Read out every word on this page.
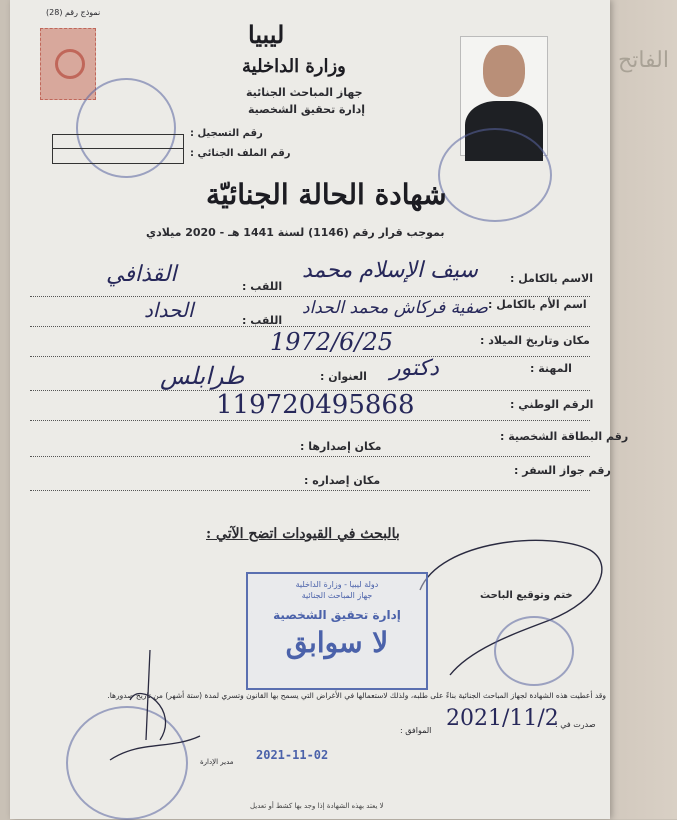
الفاتح
نموذج رقم (28)
ليبيا
وزارة الداخلية
جهاز المباحث الجنائية
إدارة تحقيق الشخصية
رقم التسجيل :
رقم الملف الجنائي :
شهادة الحالة الجنائيّة
بموجب قرار رقم (1146) لسنة 1441 هـ - 2020 ميلادي
الاسم بالكامل :
سيف الإسلام محمد
اللقب :
القذافي
اسم الأم بالكامل :
صفية فركاش محمد الحداد
اللقب :
الحداد
مكان وتاريخ الميلاد :
1972/6/25
المهنة :
دكتور
العنوان :
طرابلس
الرقم الوطني :
119720495868
رقم البطاقة الشخصية :
مكان إصدارها :
رقم جواز السفر :
مكان إصداره :
بالبحث في القيودات اتضح الآتي :
دولة ليبيا - وزارة الداخلية
جهاز المباحث الجنائية
إدارة تحقيق الشخصية
لا سوابق
ختم وتوقيع الباحث
وقد أعطيت هذه الشهادة لجهاز المباحث الجنائية بناءً على طلبه، ولذلك لاستعمالها في الأغراض التي يسمح بها القانون وتسري لمدة (ستة أشهر) من تاريخ صدورها.
صدرت في :
الموافق : 2021/11/2
2021-11-02
مدير الإدارة
لا يعتد بهذه الشهادة إذا وجد بها كشط أو تعديل
